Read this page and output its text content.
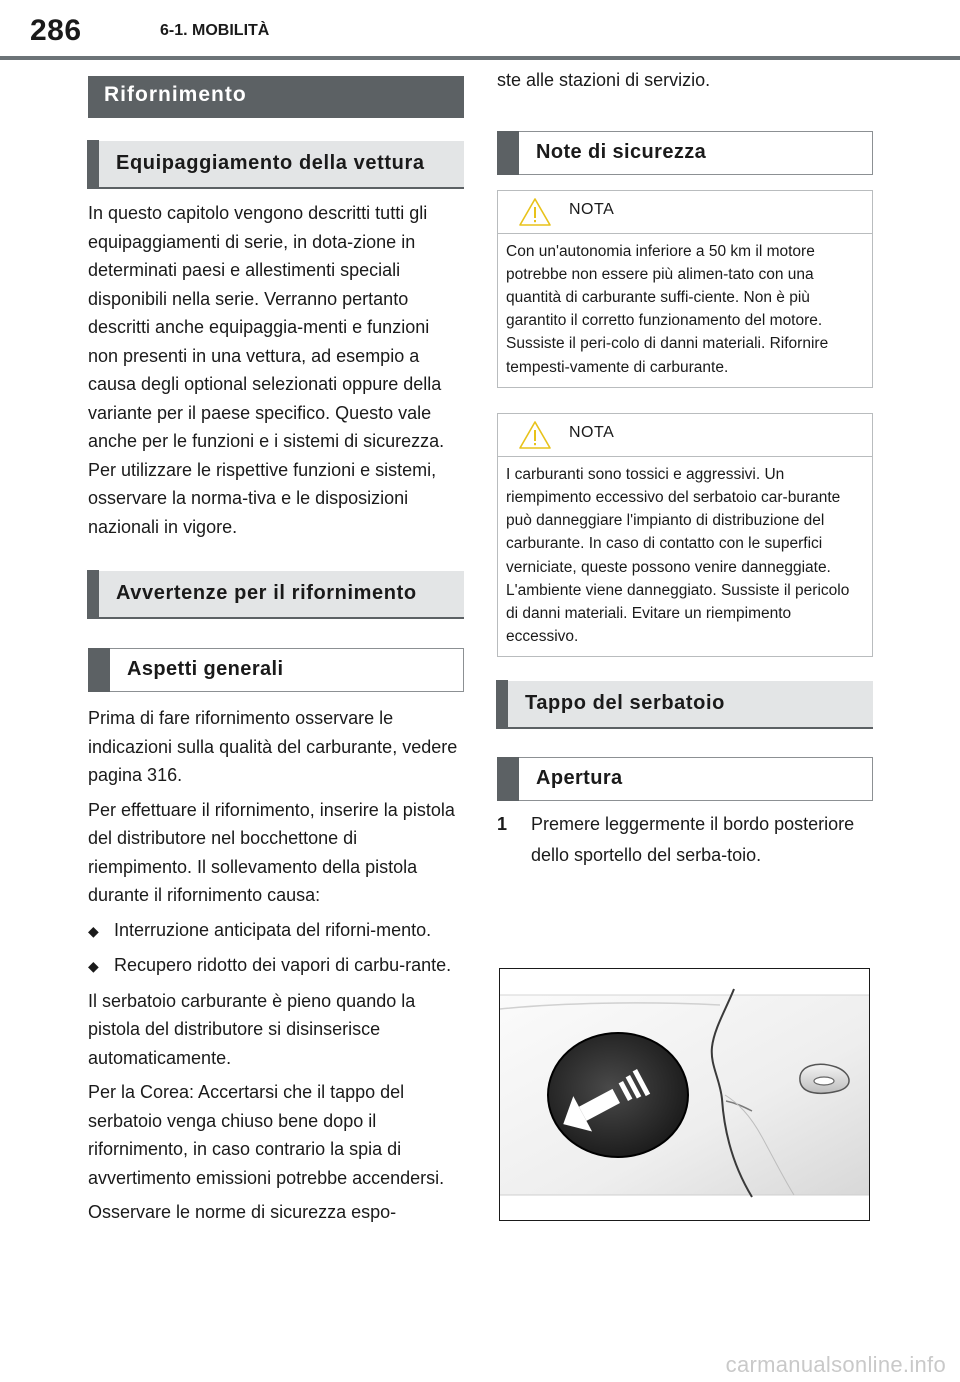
286	6-1. MOBILITÀ
Rifornimento
Equipaggiamento della vettura

In questo capitolo vengono descritti tutti gli equipaggiamenti di serie, in dota-zione in determinati paesi e allestimenti speciali disponibili nella serie. Verranno pertanto descritti anche equipaggia-menti e funzioni non presenti in una vettura, ad esempio a causa degli optional selezionati oppure della variante per il paese specifico. Questo vale anche per le funzioni e i sistemi di sicurezza. Per utilizzare le rispettive funzioni e sistemi, osservare la norma-tiva e le disposizioni nazionali in vigore.

Avvertenze per il rifornimento
Aspetti generali

Prima di fare rifornimento osservare le indicazioni sulla qualità del carburante, vedere pagina 316.

Per effettuare il rifornimento, inserire la pistola del distributore nel bocchettone di riempimento. Il sollevamento della pistola durante il rifornimento causa:

◆ Interruzione anticipata del riforni-mento.
◆ Recupero ridotto dei vapori di carbu-rante.

Il serbatoio carburante è pieno quando la pistola del distributore si disinserisce automaticamente.

Per la Corea: Accertarsi che il tappo del serbatoio venga chiuso bene dopo il rifornimento, in caso contrario la spia di avvertimento emissioni potrebbe accendersi.

Osservare le norme di sicurezza espo-

ste alle stazioni di servizio.

Note di sicurezza
NOTA
Con un'autonomia inferiore a 50 km il motore potrebbe non essere più alimen-tato con una quantità di carburante suffi-ciente. Non è più garantito il corretto funzionamento del motore. Sussiste il peri-colo di danni materiali. Rifornire tempesti-vamente di carburante.
NOTA
I carburanti sono tossici e aggressivi. Un riempimento eccessivo del serbatoio car-burante può danneggiare l'impianto di distribuzione del carburante. In caso di contatto con le superfici verniciate, queste possono venire danneggiate. L'ambiente viene danneggiato. Sussiste il pericolo di danni materiali. Evitare un riempimento eccessivo.
Tappo del serbatoio
Apertura
1	Premere leggermente il bordo posteriore dello sportello del serba-toio.
carmanualsonline.info
